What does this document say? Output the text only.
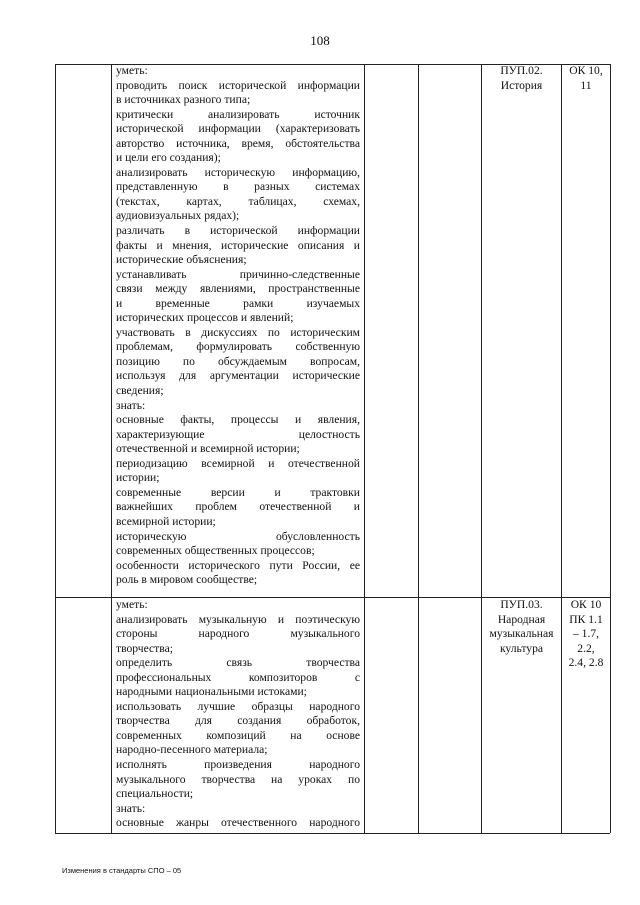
108
уметь:
проводить поиск исторической информации
в источниках разного типа;
критически анализировать источник
исторической информации (характеризовать
авторство источника, время, обстоятельства
и цели его создания);
анализировать историческую информацию,
представленную в разных системах
(текстах, картах, таблицах, схемах,
аудиовизуальных рядах);
различать в исторической информации
факты и мнения, исторические описания и
исторические объяснения;
устанавливать причинно-следственные
связи между явлениями, пространственные
и временные рамки изучаемых
исторических процессов и явлений;
участвовать в дискуссиях по историческим
проблемам, формулировать собственную
позицию по обсуждаемым вопросам,
используя для аргументации исторические
сведения;
знать:
основные факты, процессы и явления,
характеризующие целостность
отечественной и всемирной истории;
периодизацию всемирной и отечественной
истории;
современные версии и трактовки
важнейших проблем отечественной и
всемирной истории;
историческую обусловленность
современных общественных процессов;
особенности исторического пути России, ее
роль в мировом сообществе;
ПУП.02.
История
ОК 10,
11
уметь:
анализировать музыкальную и поэтическую
стороны народного музыкального
творчества;
определить связь творчества
профессиональных композиторов с
народными национальными истоками;
использовать лучшие образцы народного
творчества для создания обработок,
современных композиций на основе
народно-песенного материала;
исполнять произведения народного
музыкального творчества на уроках по
специальности;
знать:
основные жанры отечественного народного
ПУП.03.
Народная
музыкальная
культура
ОК 10
ПК 1.1
– 1.7,
2.2,
2.4, 2.8
Изменения в стандарты СПО – 05
